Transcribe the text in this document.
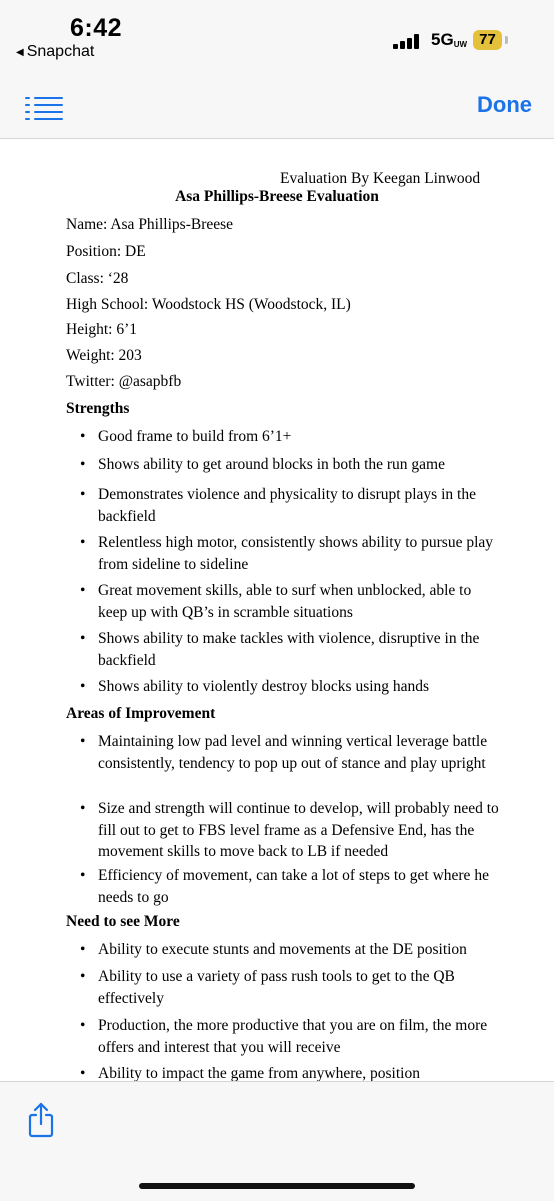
6:42
◀ Snapchat
$5G_{UW}$ 77
Done
Evaluation By Keegan Linwood
Asa Phillips-Breese Evaluation
Name: Asa Phillips-Breese
Position: DE
Class: ‘28
High School: Woodstock HS (Woodstock, IL)
Height: 6’1
Weight: 203
Twitter: @asapbfb
Strengths
• Good frame to build from 6’1+
• Shows ability to get around blocks in both the run game
• Demonstrates violence and physicality to disrupt plays in the backfield
• Relentless high motor, consistently shows ability to pursue play from sideline to sideline
• Great movement skills, able to surf when unblocked, able to keep up with QB’s in scramble situations
• Shows ability to make tackles with violence, disruptive in the backfield
• Shows ability to violently destroy blocks using hands
Areas of Improvement
• Maintaining low pad level and winning vertical leverage battle consistently, tendency to pop up out of stance and play upright
• Size and strength will continue to develop, will probably need to fill out to get to FBS level frame as a Defensive End, has the movement skills to move back to LB if needed
• Efficiency of movement, can take a lot of steps to get where he needs to go
Need to see More
• Ability to execute stunts and movements at the DE position
• Ability to use a variety of pass rush tools to get to the QB effectively
• Production, the more productive that you are on film, the more offers and interest that you will receive
• Ability to impact the game from anywhere, position
